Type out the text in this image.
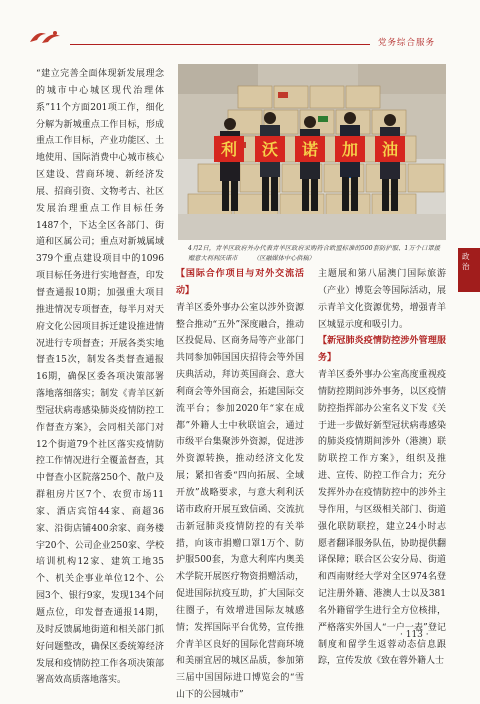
党务综合服务

“建立完善全面体现新发展理念的城市中心城区现代治理体系”11个方面201项工作，细化分解为新城重点工作目标，形成重点工作目标，产业功能区、土地使用、国际消费中心城市核心区建设、营商环境、新经济发展、招商引资、文物考古、社区发展治理重点工作目标任务1487个，下达全区各部门、街道和区属公司；重点对新城属域379个重点建设项目中的1096项目标任务进行实地督查，印发督查通报10期；加强重大项目推进情况专项督查，每半月对天府文化公园项目拆迁建设推进情况进行专项督查；开展各类实地督查15次，制发各类督查通报16期，确保区委各项决策部署落地落细落实；制发《青羊区新型冠状病毒感染肺炎疫情防控工作督查方案》，会同相关部门对12个街道79个社区落实疫情防控工作情况进行全覆盖督查，其中督查小区院落250个、散户及群租房片区7个、农贸市场11家、酒店宾馆44家、商超36家、沿街店铺400余家、商务楼宇20个、公司企业250家、学校培训机构12家、建筑工地35个、机关企事业单位12个、公园3个、银行9家，发现134个问题点位，印发督查通报14期，及时反馈属地街道和相关部门抓好问题整改，确保区委统筹经济发展和疫情防控工作各项决策部署高效高质落地落实。

利 沃 诺 加 油
4月2日，青羊区政府外办代表青羊区政府采购符合欧盟标准的500套防护服、1万个口罩援赠意大利利沃诺市　　　（区融媒体中心供稿）

【国际合作项目与对外交流活动】

青羊区委外事办公室以涉外资源整合推动“五外”深度融合，推动区投促局、区商务局等产业部门共同参加韩国国庆招待会等外国庆典活动，拜访英国商会、意大利商会等外国商会，拓建国际交流平台；参加2020年“家在成都”外籍人士中秋联谊会，通过市级平台集聚涉外资源，促进涉外资源转换，推动经济文化发展；紧扣省委“四向拓展、全域开放”战略要求，与意大利利沃诺市政府开展互致信函、交流抗击新冠肺炎疫情防控的有关举措，向该市捐赠口罩1万个、防护服500套，为意大利库内奥美术学院开展医疗物资捐赠活动，促进国际抗疫互助，扩大国际交往圈子，有效增进国际友城感情；发挥国际平台优势，宣传推介青羊区良好的国际化营商环境和美丽宜居的城区品质，参加第三届中国国际进口博览会的“雪山下的公园城市”

主题展和第八届澳门国际旅游（产业）博览会等国际活动，展示青羊文化资源优势，增强青羊区城显示度和吸引力。

【新冠肺炎疫情防控涉外管理服务】

青羊区委外事办公室高度重视疫情防控期间涉外事务，以区疫情防控指挥部办公室名义下发《关于进一步做好新型冠状病毒感染的肺炎疫情期间涉外（港澳）联防联控工作方案》，组织及推进、宣传、防控工作合力；充分发挥外办在疫情防控中的涉外主导作用，与区级相关部门、街道强化联防联控，建立24小时志愿者翻译服务队伍，协助提供翻译保障；联合区公安分局、街道和西南财经大学对全区974名登记注册外籍、港澳人士以及381名外籍留学生进行全方位核排，严格落实外国人“一户一表”登记制度和留学生返蓉动态信息跟踪，宣传发放《致在蓉外籍人士

政治
· 113 ·
